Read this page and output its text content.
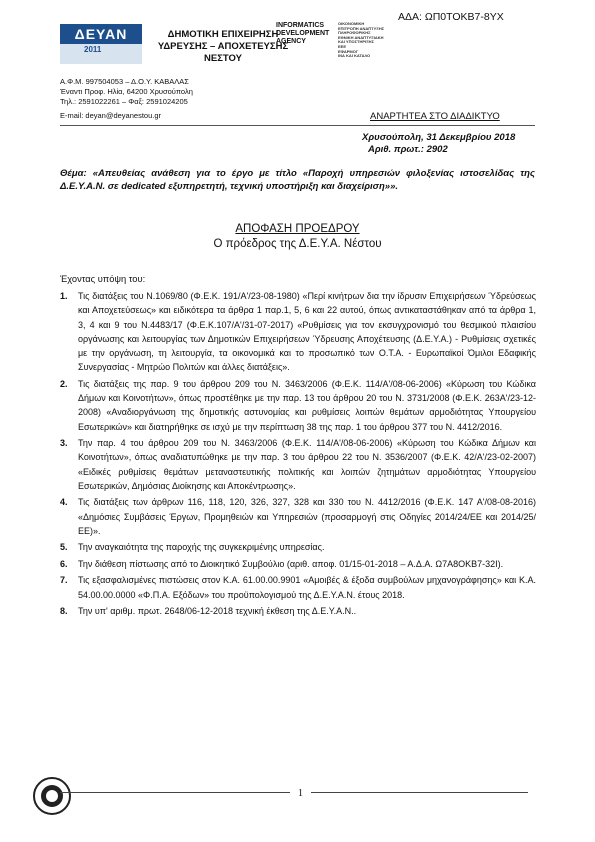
ΑΔΑ: ΩΠ0ΤΟΚΒ7-8ΥΧ
ΔΕΥΑΝ
2011
ΔΗΜΟΤΙΚΗ ΕΠΙΧΕΙΡΗΣΗ
ΥΔΡΕΥΣΗΣ – ΑΠΟΧΕΤΕΥΣΗΣ
ΝΕΣΤΟΥ
INFORMATICS
DEVELOPMENT
AGENCY
ΟΙΚΟΝΟΜΙΚΗ
ΕΠΙΤΡΟΠΗ ΑΝΑΠΤΥΞΗΣ
ΠΛΗΡΟΦΟΡΙΚΗΣ
ΕΘΝΙΚΗ ΑΝΑΠΤΥΞΙΑΚΗ
ΚΑΙ ΥΠΟΣΤΗΡΙΞΗΣ
ΕΕΕ
ΕΦΑΡΜΟΓ
ΙΝΑ ΚΑΙ ΚΑΤΑΛΟ
Α.Φ.Μ. 997504053 – Δ.Ο.Υ. ΚΑΒΑΛΑΣ
Έναντι Προφ. Ηλία, 64200 Χρυσούπολη
Τηλ.: 2591022261 – Φαξ: 2591024205
E-mail: deyan@deyanestou.gr	ΑΝΑΡΤΗΤΕΑ ΣΤΟ ΔΙΑΔΙΚΤΥΟ
Χρυσούπολη, 31 Δεκεμβρίου 2018
Αριθ. πρωτ.: 2902
Θέμα: «Απευθείας ανάθεση για το έργο με τίτλο «Παροχή υπηρεσιών φιλοξενίας ιστοσελίδας της Δ.Ε.Υ.Α.Ν. σε dedicated εξυπηρετητή, τεχνική υποστήριξη και διαχείριση»».
ΑΠΟΦΑΣΗ ΠΡΟΕΔΡΟΥ
Ο πρόεδρος της Δ.Ε.Υ.Α. Νέστου
Έχοντας υπόψη του:
1. Τις διατάξεις του Ν.1069/80 (Φ.Ε.Κ. 191/Α'/23-08-1980) «Περί κινήτρων δια την ίδρυσιν Επιχειρήσεων Ύδρεύσεως και Αποχετεύσεως» και ειδικότερα τα άρθρα 1 παρ.1, 5, 6 και 22 αυτού, όπως αντικαταστάθηκαν από τα άρθρα 1, 3, 4 και 9 του Ν.4483/17 (Φ.Ε.Κ.107/Α'/31-07-2017) «Ρυθμίσεις για τον εκσυγχρονισμό του θεσμικού πλαισίου οργάνωσης και λειτουργίας των Δημοτικών Επιχειρήσεων Ύδρευσης Αποχέτευσης (Δ.Ε.Υ.Α.) - Ρυθμίσεις σχετικές με την οργάνωση, τη λειτουργία, τα οικονομικά και το προσωπικό των Ο.Τ.Α. - Ευρωπαϊκοί Όμιλοι Εδαφικής Συνεργασίας - Μητρώο Πολιτών και άλλες διατάξεις».
2. Τις διατάξεις της παρ. 9 του άρθρου 209 του Ν. 3463/2006 (Φ.Ε.Κ. 114/Α'/08-06-2006) «Κύρωση του Κώδικα Δήμων και Κοινοτήτων», όπως προστέθηκε με την παρ. 13 του άρθρου 20 του Ν. 3731/2008 (Φ.Ε.Κ. 263Α'/23-12-2008) «Αναδιοργάνωση της δημοτικής αστυνομίας και ρυθμίσεις λοιπών θεμάτων αρμοδιότητας Υπουργείου Εσωτερικών» και διατηρήθηκε σε ισχύ με την περίπτωση 38 της παρ. 1 του άρθρου 377 του Ν. 4412/2016.
3. Την παρ. 4 του άρθρου 209 του Ν. 3463/2006 (Φ.Ε.Κ. 114/Α'/08-06-2006) «Κύρωση του Κώδικα Δήμων και Κοινοτήτων», όπως αναδιατυπώθηκε με την παρ. 3 του άρθρου 22 του Ν. 3536/2007 (Φ.Ε.Κ. 42/Α'/23-02-2007) «Ειδικές ρυθμίσεις θεμάτων μεταναστευτικής πολιτικής και λοιπών ζητημάτων αρμοδιότητας Υπουργείου Εσωτερικών, Δημόσιας Διοίκησης και Αποκέντρωσης».
4. Τις διατάξεις των άρθρων 116, 118, 120, 326, 327, 328 και 330 του Ν. 4412/2016 (Φ.Ε.Κ. 147 Α'/08-08-2016) «Δημόσιες Συμβάσεις Έργων, Προμηθειών και Υπηρεσιών (προσαρμογή στις Οδηγίες 2014/24/ΕΕ και 2014/25/ΕΕ)».
5. Την αναγκαιότητα της παροχής της συγκεκριμένης υπηρεσίας.
6. Την διάθεση πίστωσης από το Διοικητικό Συμβούλιο (αριθ. αποφ. 01/15-01-2018 – Α.Δ.Α. Ω7Α8ΟΚΒ7-32Ι).
7. Τις εξασφαλισμένες πιστώσεις στον Κ.Α. 61.00.00.9901 «Αμοιβές & έξοδα συμβούλων μηχανογράφησης» και Κ.Α. 54.00.00.0000 «Φ.Π.Α. Εξόδων» του προϋπολογισμού της Δ.Ε.Υ.Α.Ν. έτους 2018.
8. Την υπ' αριθμ. πρωτ. 2648/06-12-2018 τεχνική έκθεση της Δ.Ε.Υ.Α.Ν..
1
